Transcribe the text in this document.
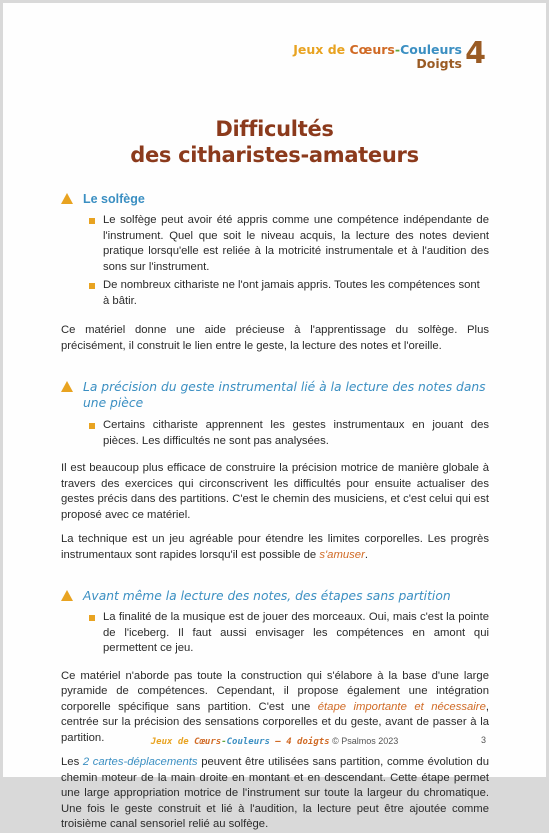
Jeux de Cœurs-Couleurs
Doigts 4
Difficultés
des citharistes-amateurs
Le solfège
Le solfège peut avoir été appris comme une compétence indépendante de l'instrument. Quel que soit le niveau acquis, la lecture des notes devient pratique lorsqu'elle est reliée à la motricité instrumentale et à l'audition des sons sur l'instrument.
De nombreux cithariste ne l'ont jamais appris. Toutes les compétences sont à bâtir.

Ce matériel donne une aide précieuse à l'apprentissage du solfège. Plus précisément, il construit le lien entre le geste, la lecture des notes et l'oreille.

La précision du geste instrumental lié à la lecture des notes dans une pièce
Certains cithariste apprennent les gestes instrumentaux en jouant des pièces. Les difficultés ne sont pas analysées.

Il est beaucoup plus efficace de construire la précision motrice de manière globale à travers des exercices qui circonscrivent les difficultés pour ensuite actualiser des gestes précis dans des partitions. C'est le chemin des musiciens, et c'est celui qui est proposé avec ce matériel.

La technique est un jeu agréable pour étendre les limites corporelles. Les progrès instrumentaux sont rapides lorsqu'il est possible de s'amuser.

Avant même la lecture des notes, des étapes sans partition
La finalité de la musique est de jouer des morceaux. Oui, mais c'est la pointe de l'iceberg. Il faut aussi envisager les compétences en amont qui permettent ce jeu.

Ce matériel n'aborde pas toute la construction qui s'élabore à la base d'une large pyramide de compétences. Cependant, il propose également une intégration corporelle spécifique sans partition. C'est une étape importante et nécessaire, centrée sur la précision des sensations corporelles et du geste, avant de passer à la partition.

Les 2 cartes-déplacements peuvent être utilisées sans partition, comme évolution du chemin moteur de la main droite en montant et en descendant. Cette étape permet une large appropriation motrice de l'instrument sur toute la largeur du chromatique. Une fois le geste construit et lié à l'audition, la lecture peut être ajoutée comme troisième canal sensoriel relié au solfège.

Jeux de Cœurs-Couleurs – 4 doigts © Psalmos 2023	3
